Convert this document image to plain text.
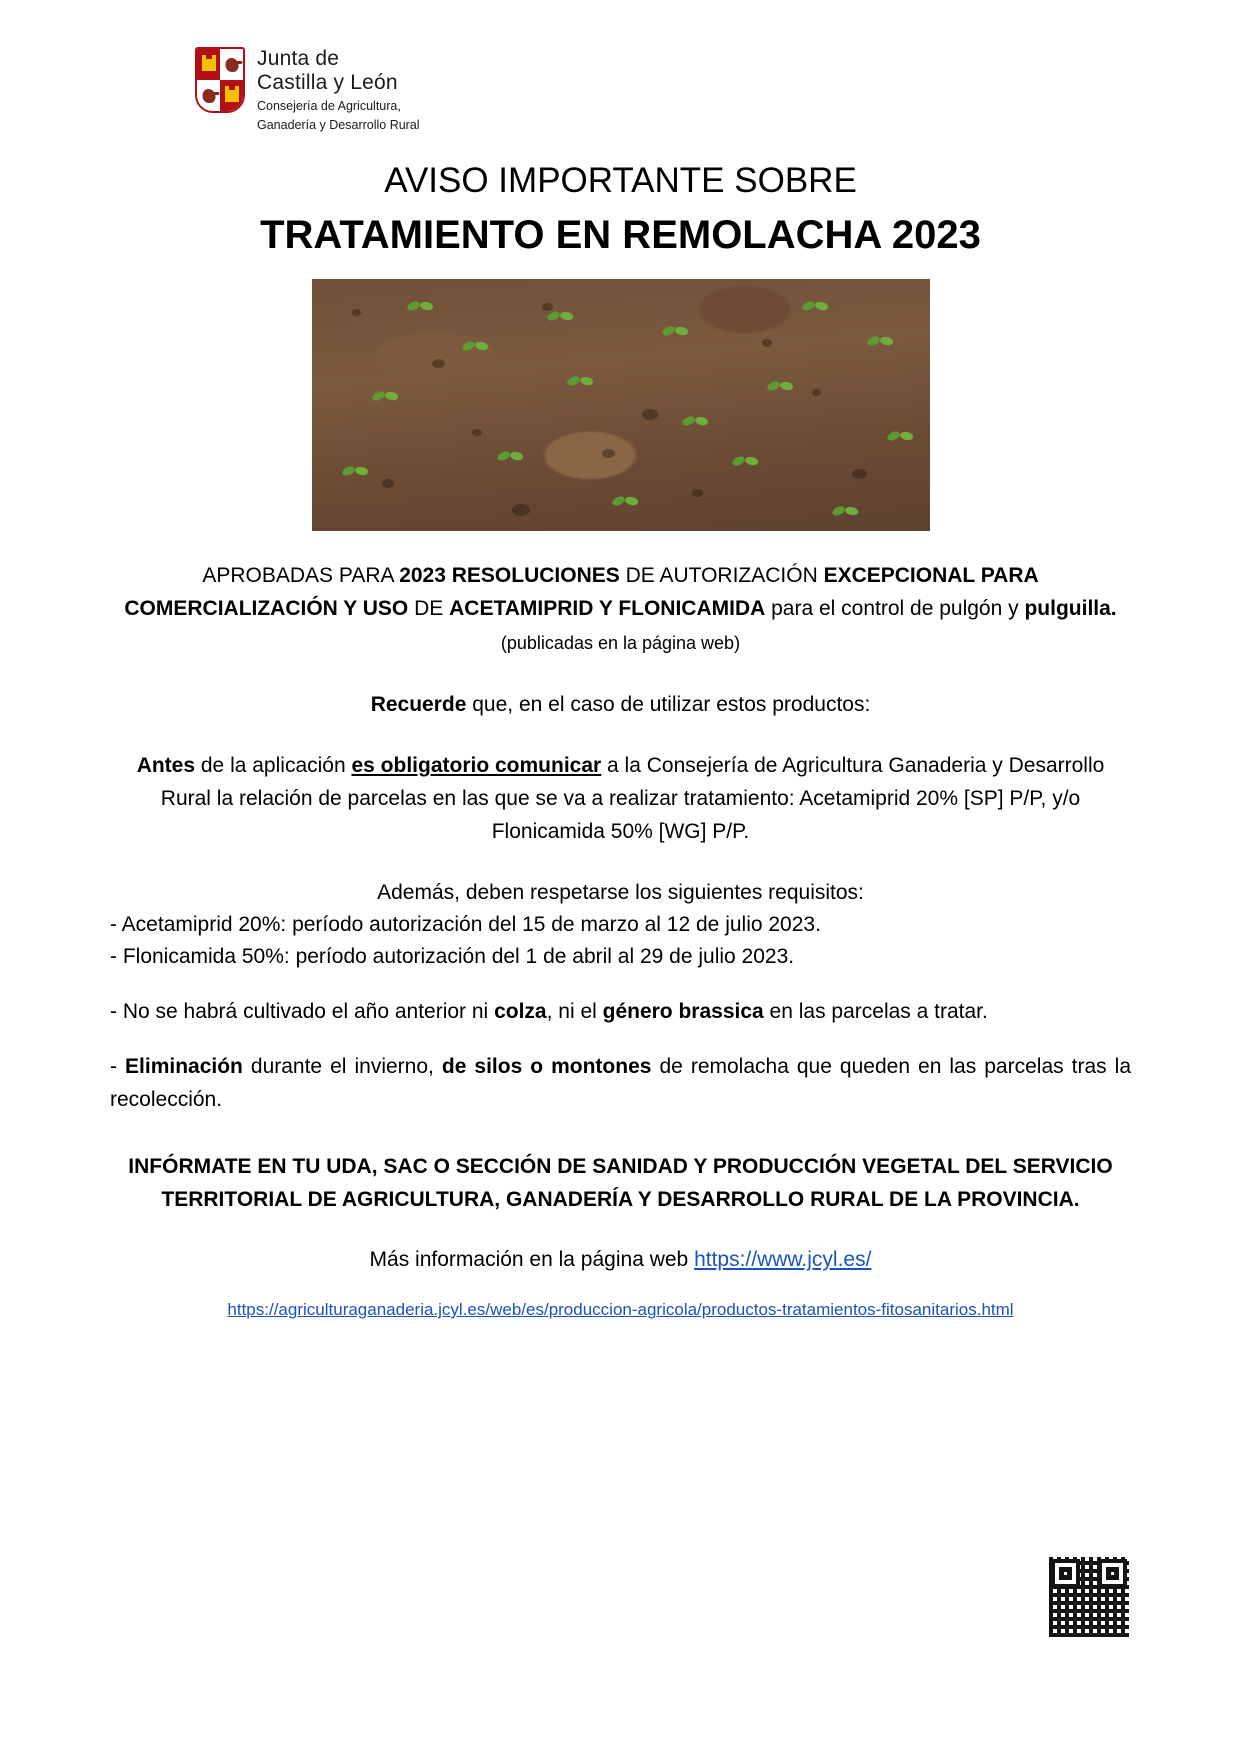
Junta de
Castilla y León
Consejería de Agricultura,
Ganadería y Desarrollo Rural
AVISO IMPORTANTE SOBRE
TRATAMIENTO EN REMOLACHA 2023

APROBADAS PARA 2023 RESOLUCIONES DE AUTORIZACIÓN EXCEPCIONAL PARA COMERCIALIZACIÓN Y USO DE ACETAMIPRID Y FLONICAMIDA para el control de pulgón y pulguilla. (publicadas en la página web)

Recuerde que, en el caso de utilizar estos productos:

Antes de la aplicación es obligatorio comunicar a la Consejería de Agricultura Ganaderia y Desarrollo Rural la relación de parcelas en las que se va a realizar tratamiento: Acetamiprid 20% [SP] P/P, y/o Flonicamida 50% [WG] P/P.

Además, deben respetarse los siguientes requisitos:

- Acetamiprid 20%: período autorización del 15 de marzo al 12 de julio 2023.

- Flonicamida 50%: período autorización del 1 de abril al 29 de julio 2023.

- No se habrá cultivado el año anterior ni colza, ni el género brassica en las parcelas a tratar.

- Eliminación durante el invierno, de silos o montones de remolacha que queden en las parcelas tras la recolección.

INFÓRMATE EN TU UDA, SAC O SECCIÓN DE SANIDAD Y PRODUCCIÓN VEGETAL DEL SERVICIO TERRITORIAL DE AGRICULTURA, GANADERÍA Y DESARROLLO RURAL DE LA PROVINCIA.

Más información en la página web https://www.jcyl.es/

https://agriculturaganaderia.jcyl.es/web/es/produccion-agricola/productos-tratamientos-fitosanitarios.html
